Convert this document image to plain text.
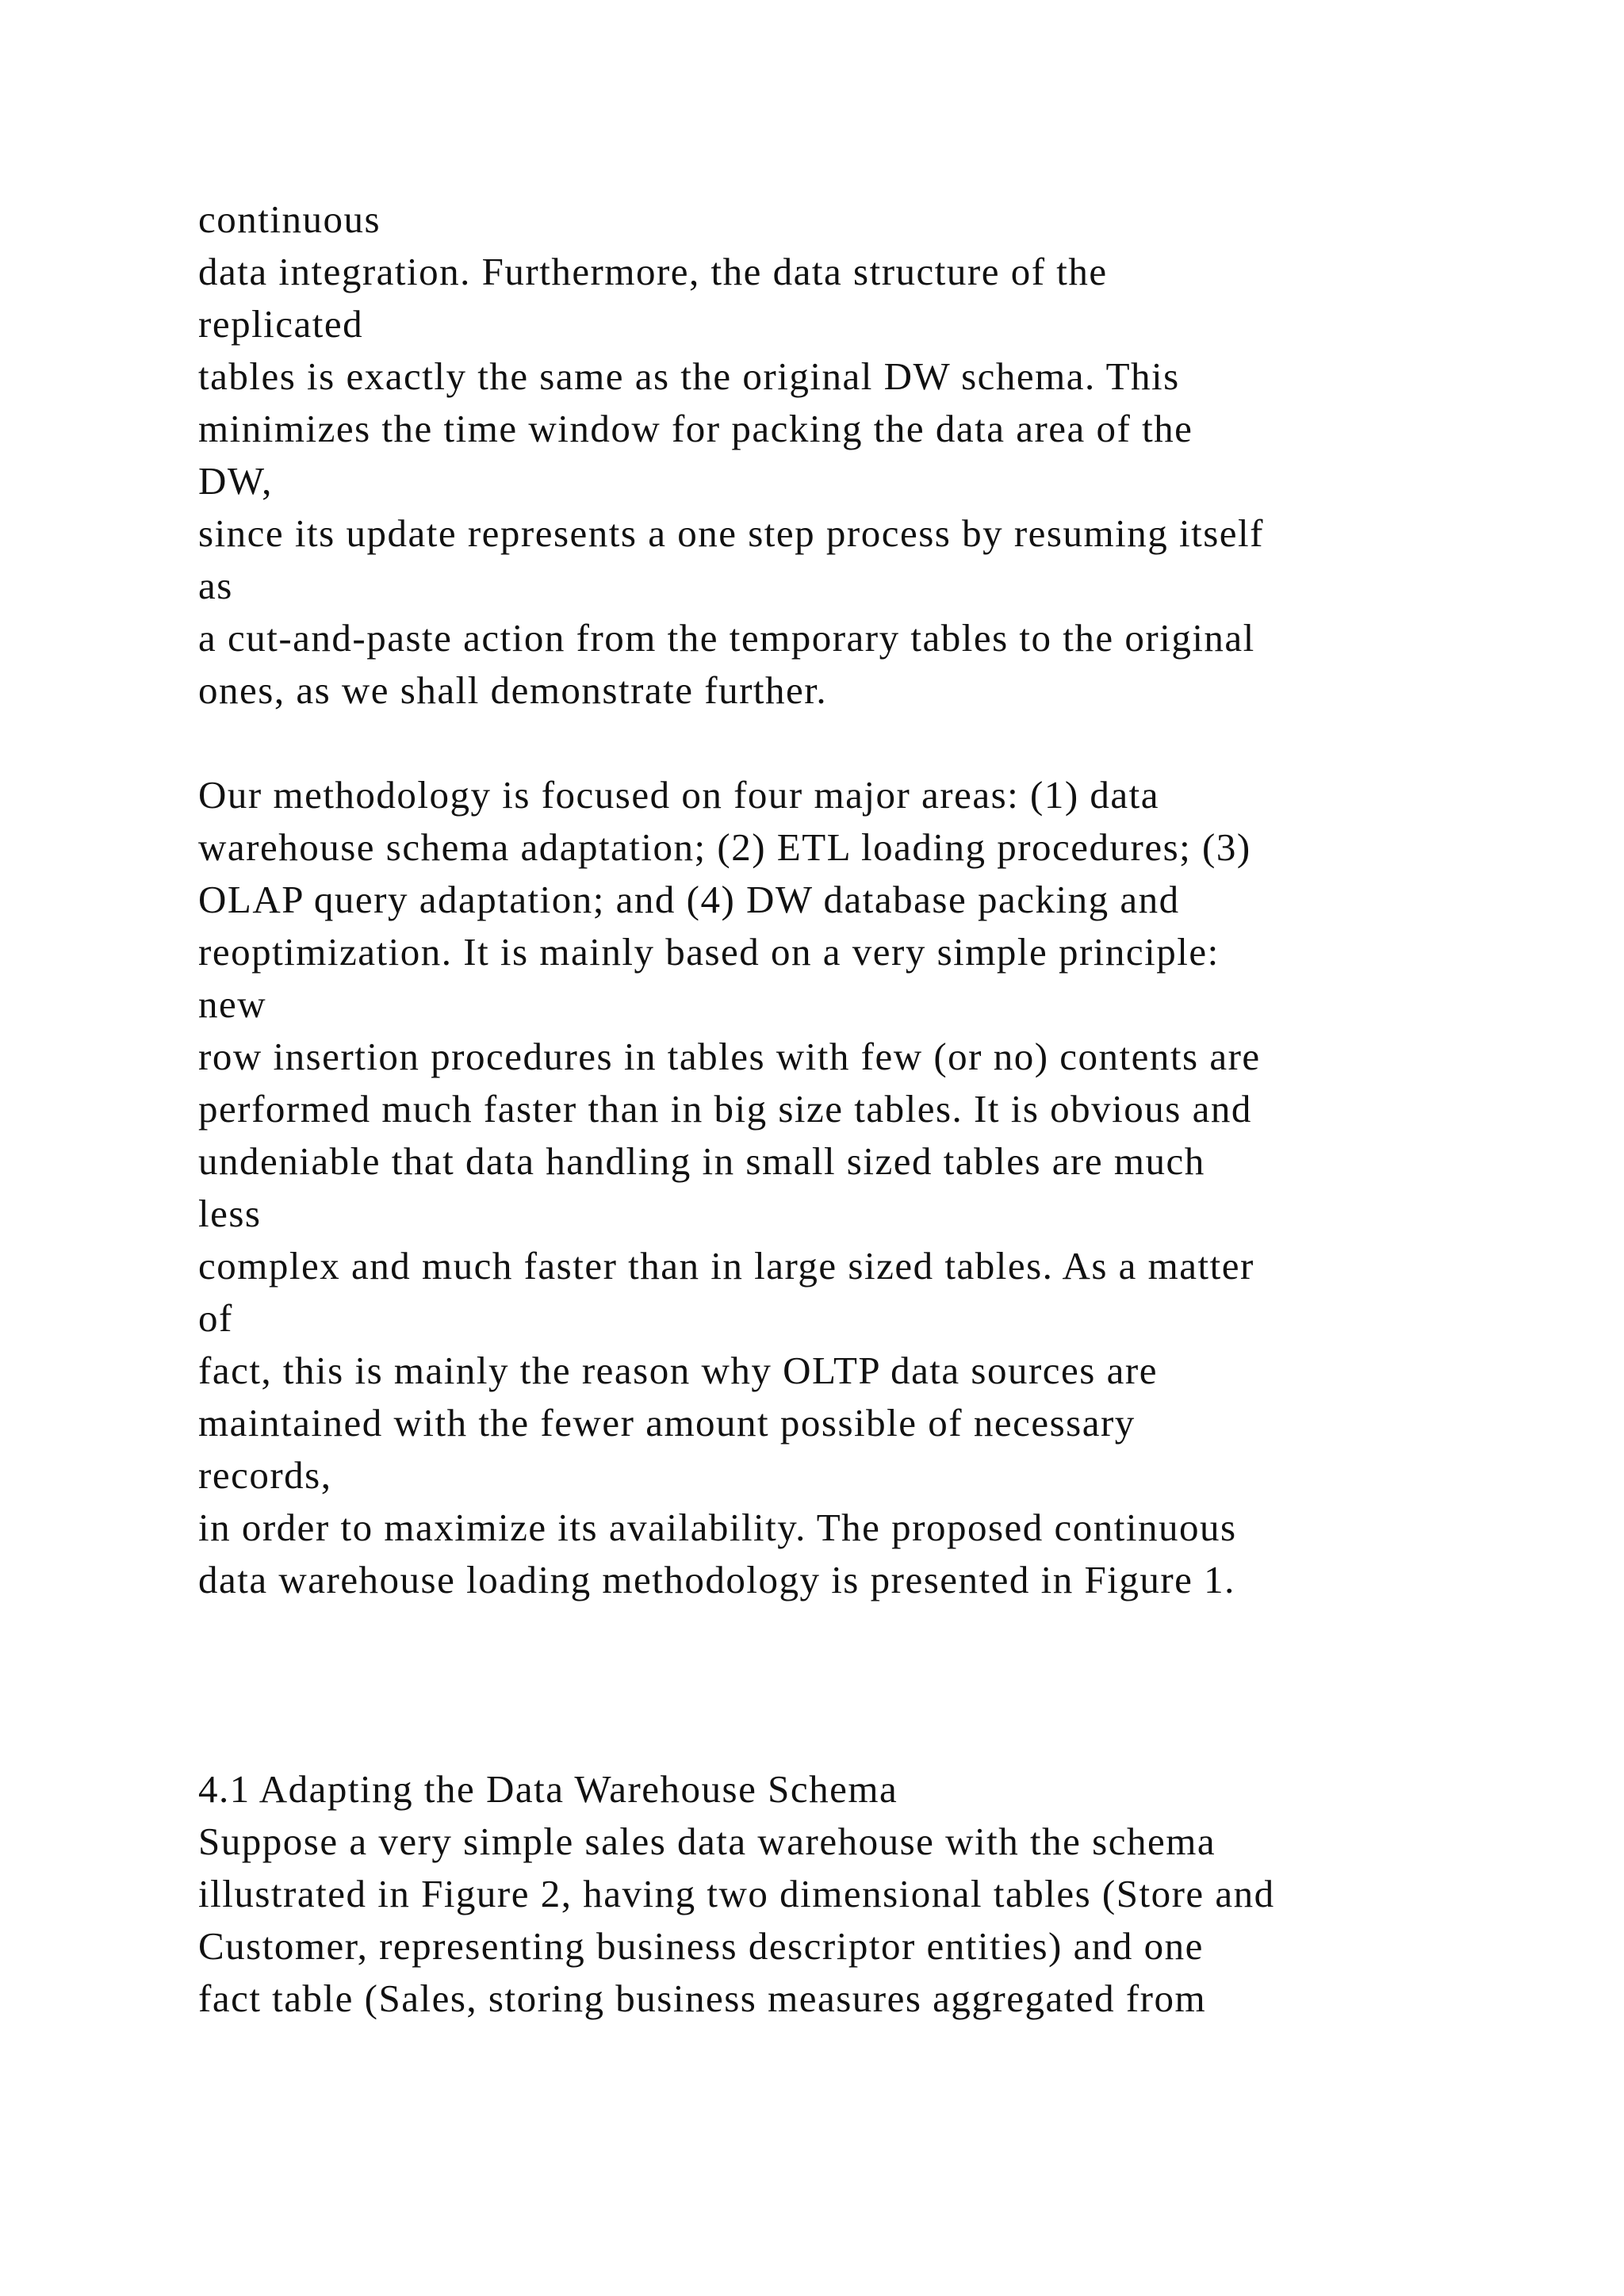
continuous
data integration. Furthermore, the data structure of the
replicated
tables is exactly the same as the original DW schema. This
minimizes the time window for packing the data area of the
DW,
since its update represents a one step process by resuming itself
as
a cut-and-paste action from the temporary tables to the original
ones, as we shall demonstrate further.
Our methodology is focused on four major areas: (1) data
warehouse schema adaptation; (2) ETL loading procedures; (3)
OLAP query adaptation; and (4) DW database packing and
reoptimization. It is mainly based on a very simple principle:
new
row insertion procedures in tables with few (or no) contents are
performed much faster than in big size tables. It is obvious and
undeniable that data handling in small sized tables are much
less
complex and much faster than in large sized tables. As a matter
of
fact, this is mainly the reason why OLTP data sources are
maintained with the fewer amount possible of necessary
records,
in order to maximize its availability. The proposed continuous
data warehouse loading methodology is presented in Figure 1.
4.1 Adapting the Data Warehouse Schema
Suppose a very simple sales data warehouse with the schema
illustrated in Figure 2, having two dimensional tables (Store and
Customer, representing business descriptor entities) and one
fact table (Sales, storing business measures aggregated from
